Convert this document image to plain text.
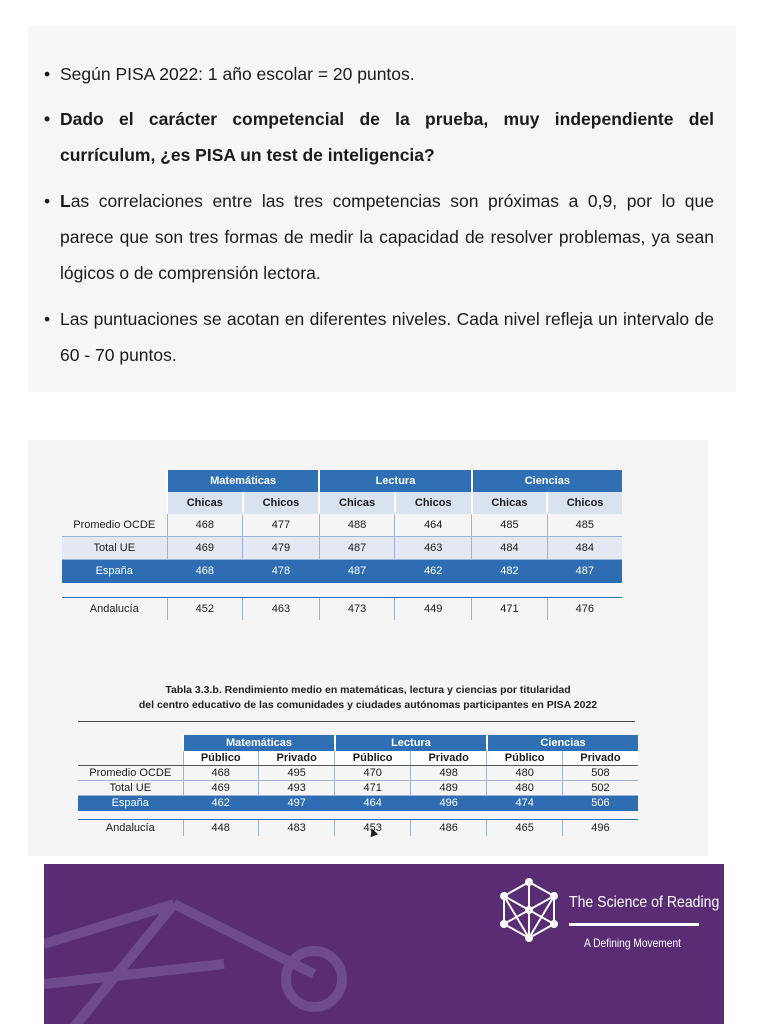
• Según PISA 2022: 1 año escolar = 20 puntos.
• Dado el carácter competencial de la prueba, muy independiente del currículum, ¿es PISA un test de inteligencia?
• Las correlaciones entre las tres competencias son próximas a 0,9, por lo que parece que son tres formas de medir la capacidad de resolver problemas, ya sean lógicos o de comprensión lectora.
• Las puntuaciones se acotan en diferentes niveles. Cada nivel refleja un intervalo de 60 - 70 puntos.
	Matemáticas		Lectura		Ciencias	
	Chicas	Chicos	Chicas	Chicos	Chicas	Chicos
Promedio OCDE	468	477	488	464	485	485
Total UE	469	479	487	463	484	484
España	468	478	487	462	482	487

Andalucía	452	463	473	449	471	476
Tabla 3.3.b. Rendimiento medio en matemáticas, lectura y ciencias por titularidad
del centro educativo de las comunidades y ciudades autónomas participantes en PISA 2022
	Matemáticas		Lectura		Ciencias	
	Público	Privado	Público	Privado	Público	Privado
Promedio OCDE	468	495	470	498	480	508
Total UE	469	493	471	489	480	502
España	462	497	464	496	474	506

Andalucía	448	483	453	486	465	496
The Science of Reading
A Defining Movement
